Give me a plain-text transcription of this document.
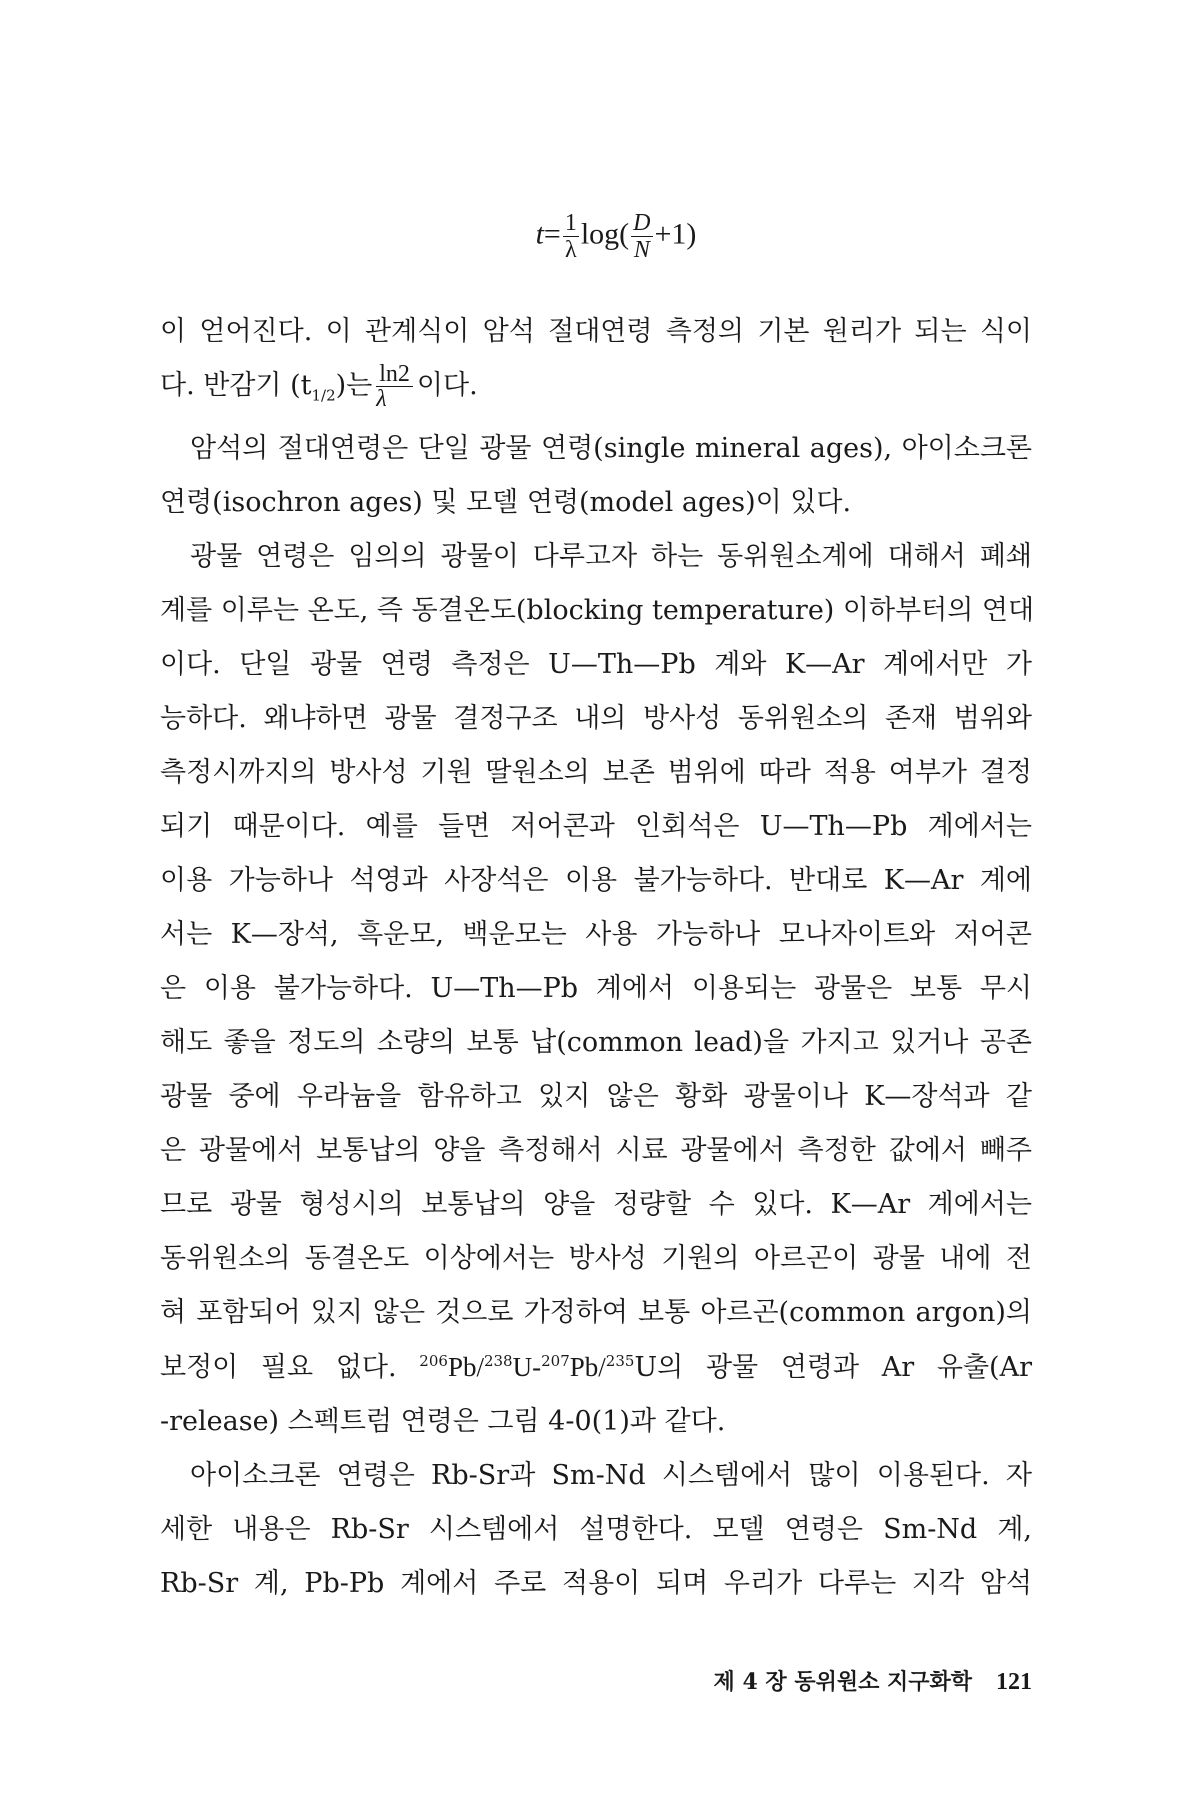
$t= \frac{1}{\lambda} \log( \frac{D}{N} +1)$

이 얻어진다. 이 관계식이 암석 절대연령 측정의 기본 원리가 되는 식이
다. 반감기 $(t_{1/2})$는 $\frac{\ln 2}{\lambda}$ 이다.

암석의 절대연령은 단일 광물 연령(single mineral ages), 아이소크론
연령(isochron ages) 및 모델 연령(model ages)이 있다.

광물 연령은 임의의 광물이 다루고자 하는 동위원소계에 대해서 폐쇄
계를 이루는 온도, 즉 동결온도(blocking temperature) 이하부터의 연대
이다. 단일 광물 연령 측정은 U—Th—Pb 계와 K—Ar 계에서만 가
능하다. 왜냐하면 광물 결정구조 내의 방사성 동위원소의 존재 범위와
측정시까지의 방사성 기원 딸원소의 보존 범위에 따라 적용 여부가 결정
되기 때문이다. 예를 들면 저어콘과 인회석은 U—Th—Pb 계에서는
이용 가능하나 석영과 사장석은 이용 불가능하다. 반대로 K—Ar 계에
서는 K—장석, 흑운모, 백운모는 사용 가능하나 모나자이트와 저어콘
은 이용 불가능하다. U—Th—Pb 계에서 이용되는 광물은 보통 무시
해도 좋을 정도의 소량의 보통 납(common lead)을 가지고 있거나 공존
광물 중에 우라늄을 함유하고 있지 않은 황화 광물이나 K—장석과 같
은 광물에서 보통납의 양을 측정해서 시료 광물에서 측정한 값에서 빼주
므로 광물 형성시의 보통납의 양을 정량할 수 있다. K—Ar 계에서는
동위원소의 동결온도 이상에서는 방사성 기원의 아르곤이 광물 내에 전
혀 포함되어 있지 않은 것으로 가정하여 보통 아르곤(common argon)의
보정이 필요 없다. $^{206}$Pb/$^{238}$U-$^{207}$Pb/$^{235}$U의 광물 연령과 Ar 유출(Ar
-release) 스펙트럼 연령은 그림 4-0(1)과 같다.

아이소크론 연령은 Rb-Sr과 Sm-Nd 시스템에서 많이 이용된다. 자
세한 내용은 Rb-Sr 시스템에서 설명한다. 모델 연령은 Sm-Nd 계,
Rb-Sr 계, Pb-Pb 계에서 주로 적용이 되며 우리가 다루는 지각 암석

제 4 장 동위원소 지구화학 121
